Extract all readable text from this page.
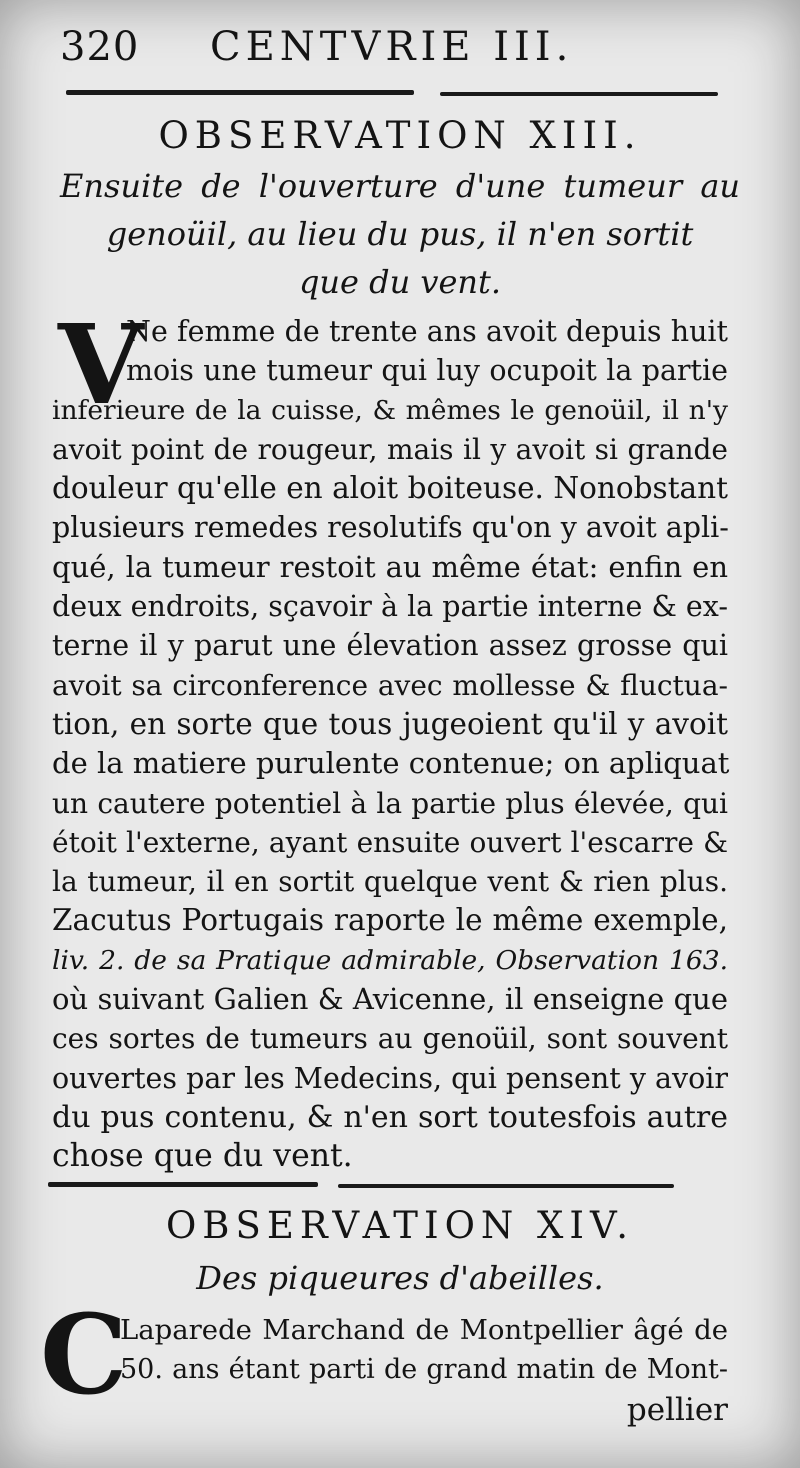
320 CENTVRIE III.
OBSERVATION XIII.
Ensuite de l'ouverture d'une tumeur au
genoüil, au lieu du pus, il n'en sortit
que du vent.
V
Ne femme de trente ans avoit depuis huit
mois une tumeur qui luy ocupoit la partie
inferieure de la cuisse, & mêmes le genoüil, il n'y
avoit point de rougeur, mais il y avoit si grande
douleur qu'elle en aloit boiteuse. Nonobstant
plusieurs remedes resolutifs qu'on y avoit apli-
qué, la tumeur restoit au même état: enfin en
deux endroits, sçavoir à la partie interne & ex-
terne il y parut une élevation assez grosse qui
avoit sa circonference avec mollesse & fluctua-
tion, en sorte que tous jugeoient qu'il y avoit
de la matiere purulente contenue; on apliquat
un cautere potentiel à la partie plus élevée, qui
étoit l'externe, ayant ensuite ouvert l'escarre &
la tumeur, il en sortit quelque vent & rien plus.
Zacutus Portugais raporte le même exemple,
liv. 2. de sa Pratique admirable, Observation 163.
où suivant Galien & Avicenne, il enseigne que
ces sortes de tumeurs au genoüil, sont souvent
ouvertes par les Medecins, qui pensent y avoir
du pus contenu, & n'en sort toutesfois autre
chose que du vent.
OBSERVATION XIV.
Des piqueures d'abeilles.
C
Laparede Marchand de Montpellier âgé de
50. ans étant parti de grand matin de Mont-
pellier
